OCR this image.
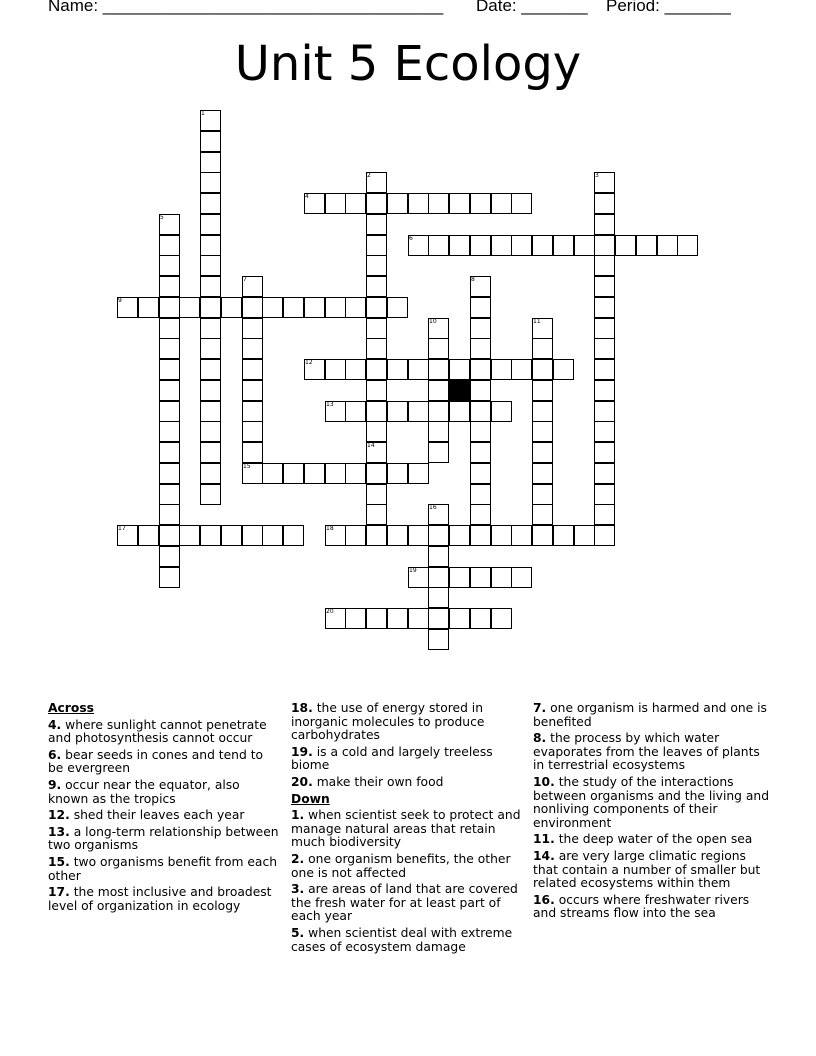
Name: ____________________________________ Date: _______ Period: _______
Unit 5 Ecology
4
6
9
12
13
15
17	18
19
20
1
2	3
5
7	8
10	11
14
16
Across
4. where sunlight cannot penetrate and photosynthesis cannot occur
6. bear seeds in cones and tend to be evergreen
9. occur near the equator, also known as the tropics
12. shed their leaves each year
13. a long-term relationship between two organisms
15. two organisms benefit from each other
17. the most inclusive and broadest level of organization in ecology
18. the use of energy stored in inorganic molecules to produce carbohydrates
19. is a cold and largely treeless biome
20. make their own food
Down
1. when scientist seek to protect and manage natural areas that retain much biodiversity
2. one organism benefits, the other one is not affected
3. are areas of land that are covered the fresh water for at least part of each year
5. when scientist deal with extreme cases of ecosystem damage
7. one organism is harmed and one is benefited
8. the process by which water evaporates from the leaves of plants in terrestrial ecosystems
10. the study of the interactions between organisms and the living and nonliving components of their environment
11. the deep water of the open sea
14. are very large climatic regions that contain a number of smaller but related ecosystems within them
16. occurs where freshwater rivers and streams flow into the sea
